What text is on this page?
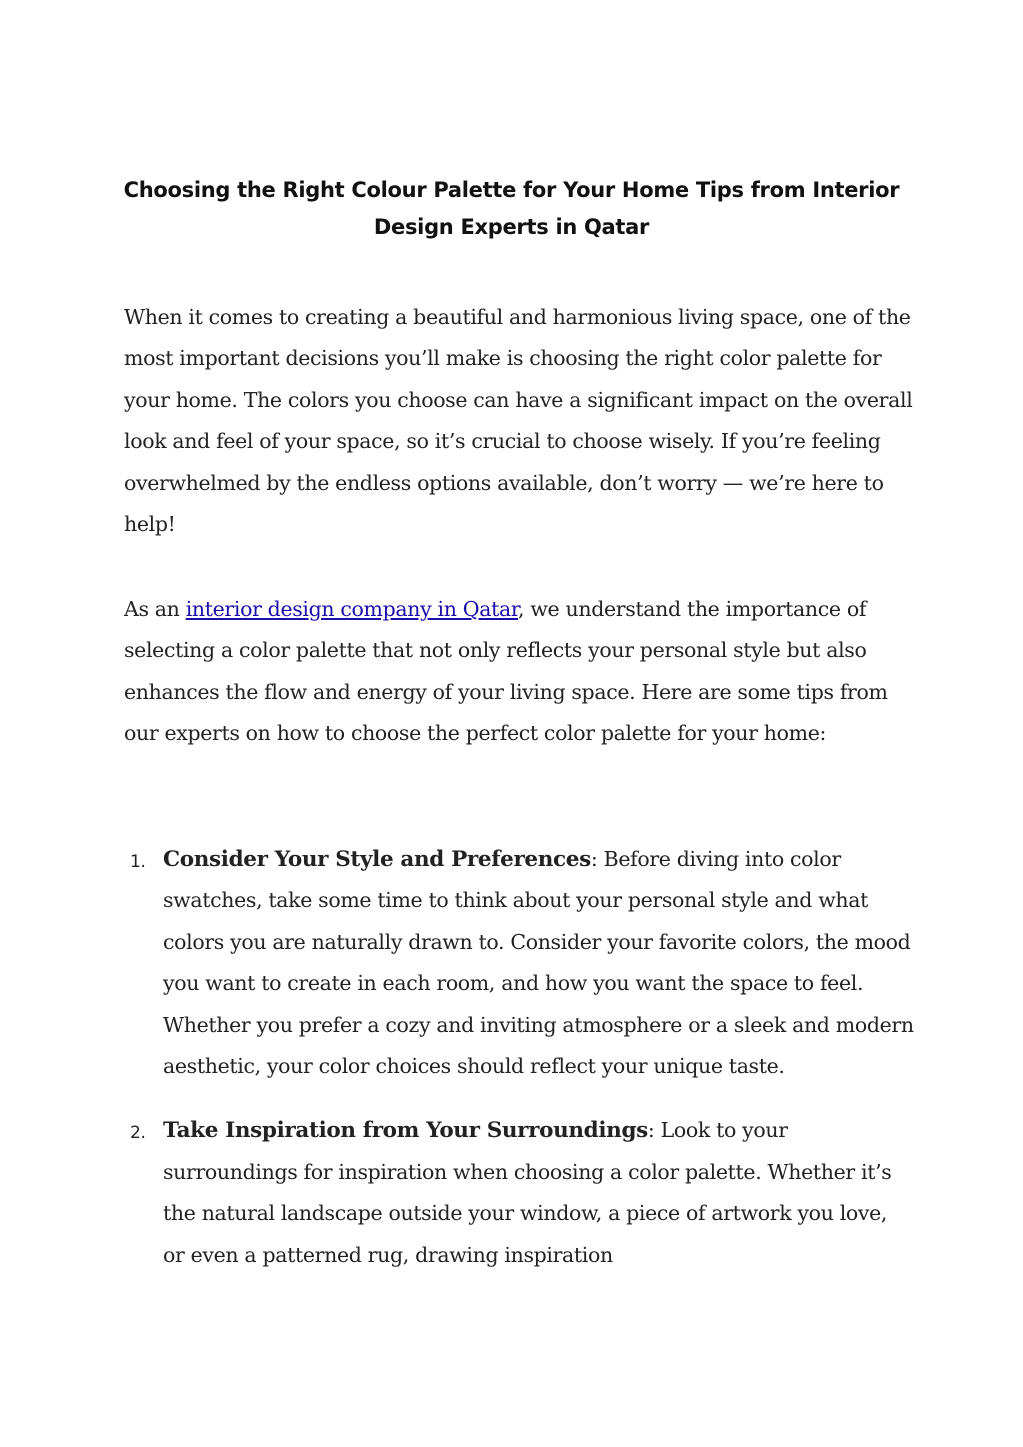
Choosing the Right Colour Palette for Your Home Tips from Interior Design Experts in Qatar

When it comes to creating a beautiful and harmonious living space, one of the most important decisions you’ll make is choosing the right color palette for your home. The colors you choose can have a significant impact on the overall look and feel of your space, so it’s crucial to choose wisely. If you’re feeling overwhelmed by the endless options available, don’t worry — we’re here to help!

As an interior design company in Qatar, we understand the importance of selecting a color palette that not only reflects your personal style but also enhances the flow and energy of your living space. Here are some tips from our experts on how to choose the perfect color palette for your home:

1. Consider Your Style and Preferences: Before diving into color swatches, take some time to think about your personal style and what colors you are naturally drawn to. Consider your favorite colors, the mood you want to create in each room, and how you want the space to feel. Whether you prefer a cozy and inviting atmosphere or a sleek and modern aesthetic, your color choices should reflect your unique taste.
2. Take Inspiration from Your Surroundings: Look to your surroundings for inspiration when choosing a color palette. Whether it’s the natural landscape outside your window, a piece of artwork you love, or even a patterned rug, drawing inspiration
